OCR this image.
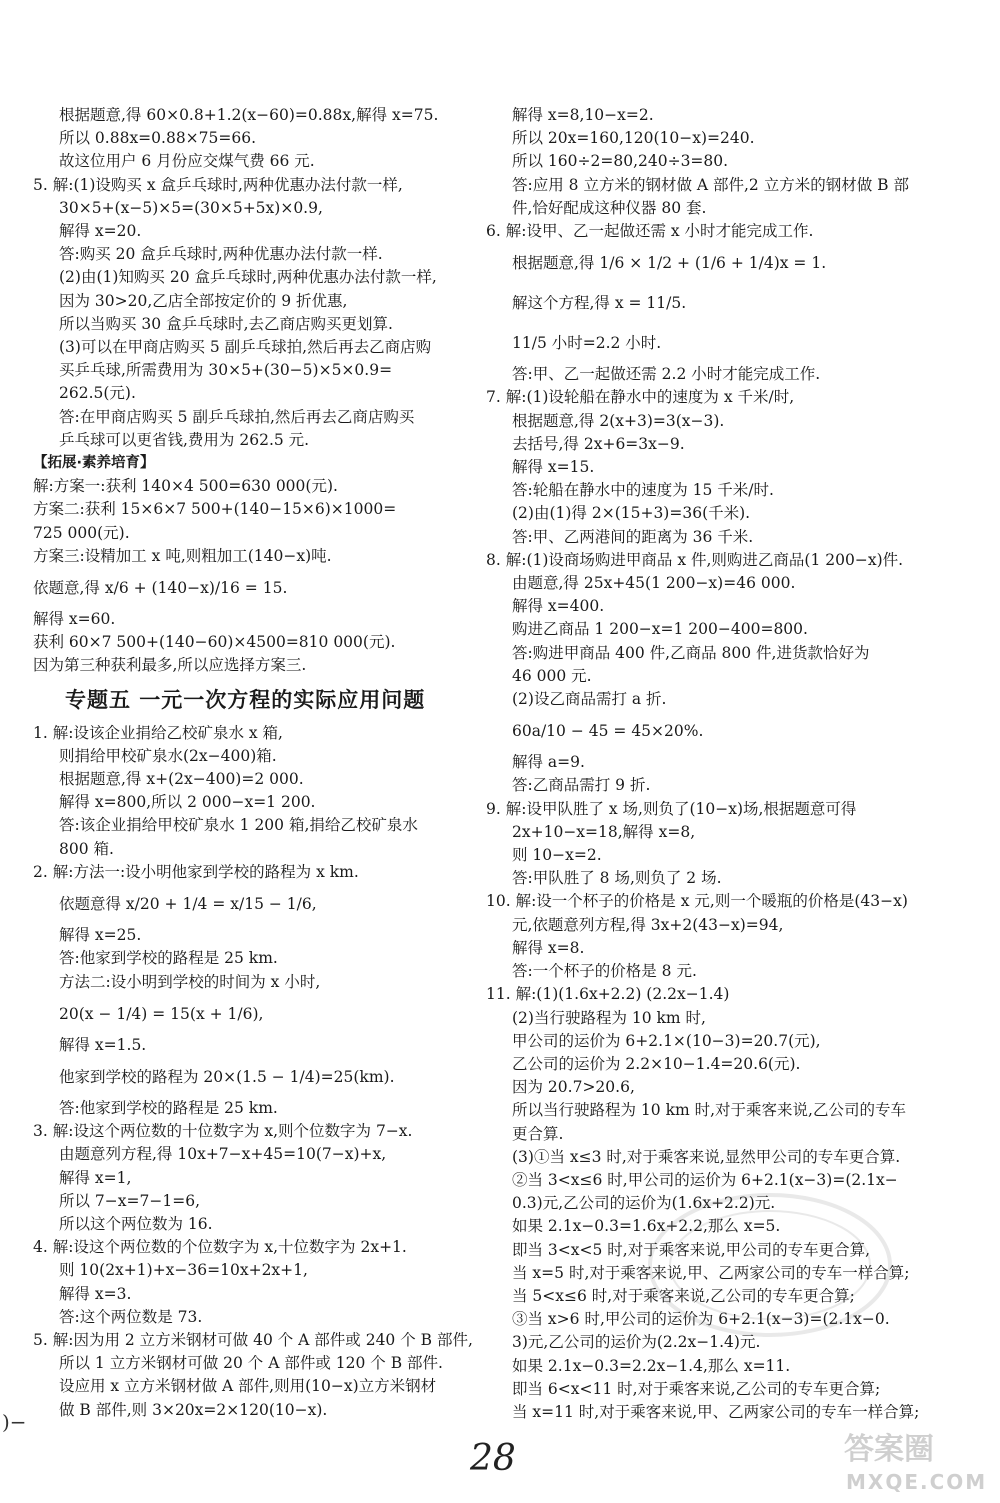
根据题意,得 60×0.8+1.2(x−60)=0.88x,解得 x=75.
所以 0.88x=0.88×75=66.
故这位用户 6 月份应交煤气费 66 元.
5. 解:(1)设购买 x 盒乒乓球时,两种优惠办法付款一样,
30×5+(x−5)×5=(30×5+5x)×0.9,
解得 x=20.
答:购买 20 盒乒乓球时,两种优惠办法付款一样.
(2)由(1)知购买 20 盒乒乓球时,两种优惠办法付款一样,
因为 30>20,乙店全部按定价的 9 折优惠,
所以当购买 30 盒乒乓球时,去乙商店购买更划算.
(3)可以在甲商店购买 5 副乒乓球拍,然后再去乙商店购
买乒乓球,所需费用为 30×5+(30−5)×5×0.9=
262.5(元).
答:在甲商店购买 5 副乒乓球拍,然后再去乙商店购买
乒乓球可以更省钱,费用为 262.5 元.
【拓展·素养培育】
解:方案一:获利 140×4 500=630 000(元).
方案二:获利 15×6×7 500+(140−15×6)×1000=
725 000(元).
方案三:设精加工 x 吨,则粗加工(140−x)吨.
依题意,得 x/6 + (140−x)/16 = 15.
解得 x=60.
获利 60×7 500+(140−60)×4500=810 000(元).
因为第三种获利最多,所以应选择方案三.
专题五 一元一次方程的实际应用问题
1. 解:设该企业捐给乙校矿泉水 x 箱,
则捐给甲校矿泉水(2x−400)箱.
根据题意,得 x+(2x−400)=2 000.
解得 x=800,所以 2 000−x=1 200.
答:该企业捐给甲校矿泉水 1 200 箱,捐给乙校矿泉水
800 箱.
2. 解:方法一:设小明他家到学校的路程为 x km.
依题意得 x/20 + 1/4 = x/15 − 1/6,
解得 x=25.
答:他家到学校的路程是 25 km.
方法二:设小明到学校的时间为 x 小时,
20(x − 1/4) = 15(x + 1/6),
解得 x=1.5.
他家到学校的路程为 20×(1.5 − 1/4)=25(km).
答:他家到学校的路程是 25 km.
3. 解:设这个两位数的十位数字为 x,则个位数字为 7−x.
由题意列方程,得 10x+7−x+45=10(7−x)+x,
解得 x=1,
所以 7−x=7−1=6,
所以这个两位数为 16.
4. 解:设这个两位数的个位数字为 x,十位数字为 2x+1.
则 10(2x+1)+x−36=10x+2x+1,
解得 x=3.
答:这个两位数是 73.
5. 解:因为用 2 立方米钢材可做 40 个 A 部件或 240 个 B 部件,
所以 1 立方米钢材可做 20 个 A 部件或 120 个 B 部件.
设应用 x 立方米钢材做 A 部件,则用(10−x)立方米钢材
做 B 部件,则 3×20x=2×120(10−x).
解得 x=8,10−x=2.
所以 20x=160,120(10−x)=240.
所以 160÷2=80,240÷3=80.
答:应用 8 立方米的钢材做 A 部件,2 立方米的钢材做 B 部
件,恰好配成这种仪器 80 套.
6. 解:设甲、乙一起做还需 x 小时才能完成工作.
根据题意,得 1/6 × 1/2 + (1/6 + 1/4)x = 1.
解这个方程,得 x = 11/5.
11/5 小时=2.2 小时.
答:甲、乙一起做还需 2.2 小时才能完成工作.
7. 解:(1)设轮船在静水中的速度为 x 千米/时,
根据题意,得 2(x+3)=3(x−3).
去括号,得 2x+6=3x−9.
解得 x=15.
答:轮船在静水中的速度为 15 千米/时.
(2)由(1)得 2×(15+3)=36(千米).
答:甲、乙两港间的距离为 36 千米.
8. 解:(1)设商场购进甲商品 x 件,则购进乙商品(1 200−x)件.
由题意,得 25x+45(1 200−x)=46 000.
解得 x=400.
购进乙商品 1 200−x=1 200−400=800.
答:购进甲商品 400 件,乙商品 800 件,进货款恰好为
46 000 元.
(2)设乙商品需打 a 折.
60a/10 − 45 = 45×20%.
解得 a=9.
答:乙商品需打 9 折.
9. 解:设甲队胜了 x 场,则负了(10−x)场,根据题意可得
2x+10−x=18,解得 x=8,
则 10−x=2.
答:甲队胜了 8 场,则负了 2 场.
10. 解:设一个杯子的价格是 x 元,则一个暖瓶的价格是(43−x)
元,依题意列方程,得 3x+2(43−x)=94,
解得 x=8.
答:一个杯子的价格是 8 元.
11. 解:(1)(1.6x+2.2) (2.2x−1.4)
(2)当行驶路程为 10 km 时,
甲公司的运价为 6+2.1×(10−3)=20.7(元),
乙公司的运价为 2.2×10−1.4=20.6(元).
因为 20.7>20.6,
所以当行驶路程为 10 km 时,对于乘客来说,乙公司的专车
更合算.
(3)①当 x≤3 时,对于乘客来说,显然甲公司的专车更合算.
②当 3<x≤6 时,甲公司的运价为 6+2.1(x−3)=(2.1x−
0.3)元,乙公司的运价为(1.6x+2.2)元.
如果 2.1x−0.3=1.6x+2.2,那么 x=5.
即当 3<x<5 时,对于乘客来说,甲公司的专车更合算,
当 x=5 时,对于乘客来说,甲、乙两家公司的专车一样合算;
当 5<x≤6 时,对于乘客来说,乙公司的专车更合算;
③当 x>6 时,甲公司的运价为 6+2.1(x−3)=(2.1x−0.
3)元,乙公司的运价为(2.2x−1.4)元.
如果 2.1x−0.3=2.2x−1.4,那么 x=11.
即当 6<x<11 时,对于乘客来说,乙公司的专车更合算;
当 x=11 时,对于乘客来说,甲、乙两家公司的专车一样合算;
)−
28	答案圈
MXQE.COM
